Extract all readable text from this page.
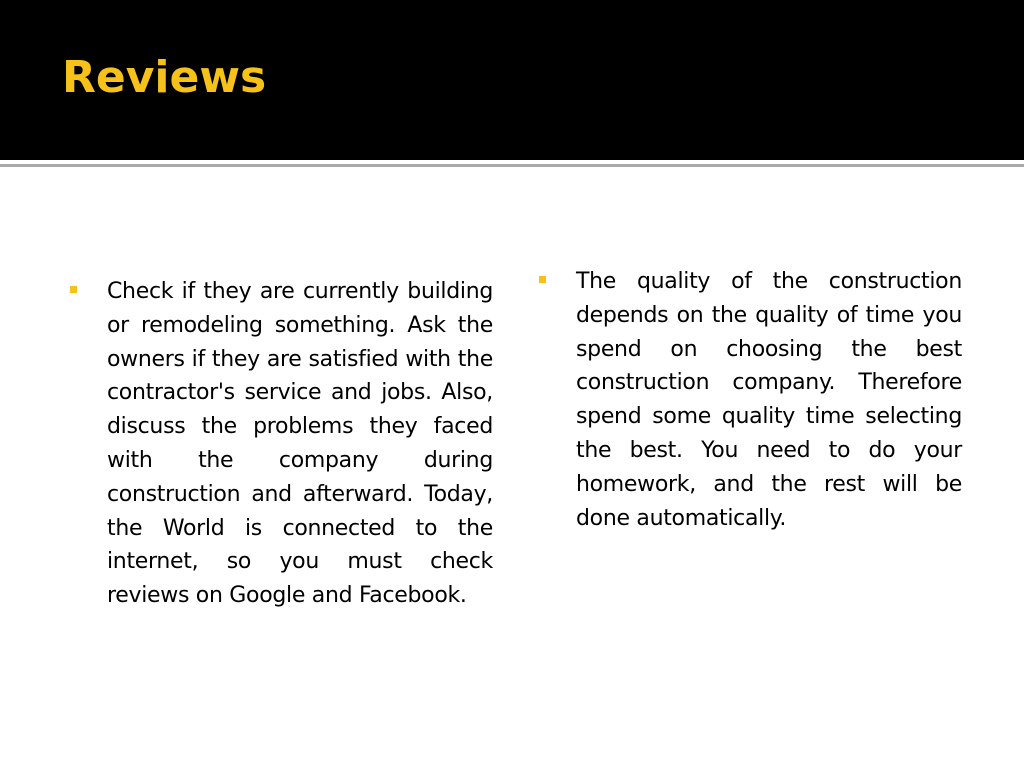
Reviews

Check if they are currently building or remodeling something. Ask the owners if they are satisfied with the contractor's service and jobs. Also, discuss the problems they faced with the company during construction and afterward. Today, the World is connected to the internet, so you must check reviews on Google and Facebook.

The quality of the construction depends on the quality of time you spend on choosing the best construction company. Therefore spend some quality time selecting the best. You need to do your homework, and the rest will be done automatically.
